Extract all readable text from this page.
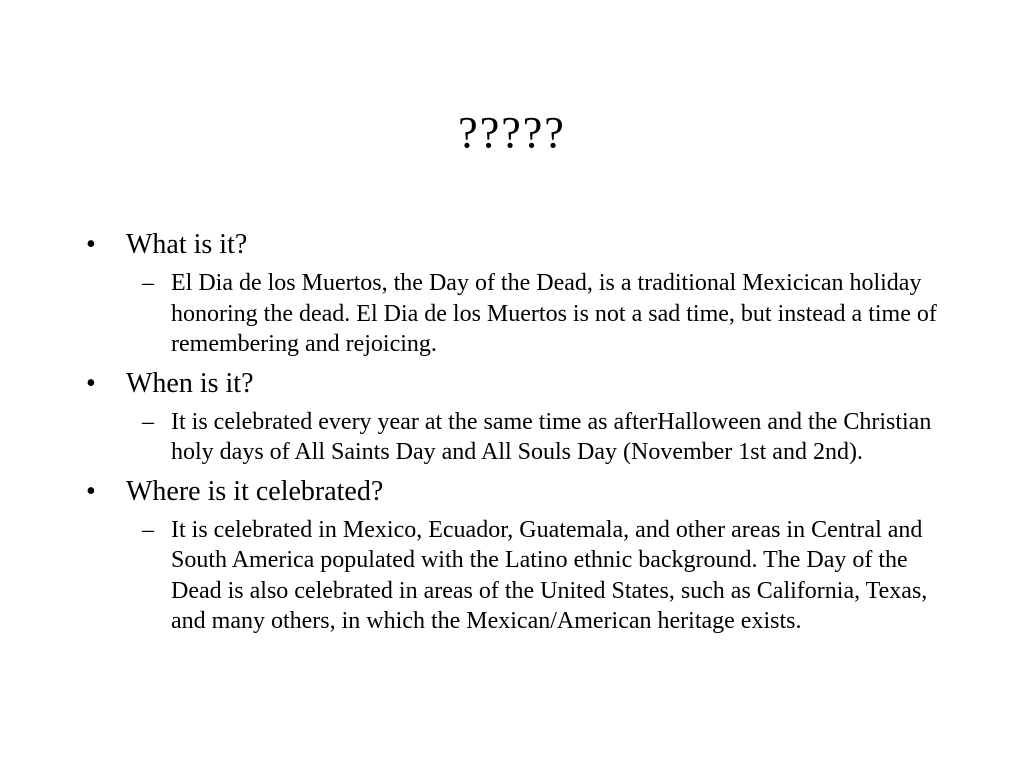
?????
• What is it?
– El Dia de los Muertos, the Day of the Dead, is a traditional Mexicican holiday honoring the dead. El Dia de los Muertos is not a sad time, but instead a time of remembering and rejoicing.
• When is it?
– It is celebrated every year at the same time as afterHalloween and the Christian holy days of All Saints Day and All Souls Day (November 1st and 2nd).
• Where is it celebrated?
– It is celebrated in Mexico, Ecuador, Guatemala, and other areas in Central and South America populated with the Latino ethnic background. The Day of the Dead is also celebrated in areas of the United States, such as California, Texas, and many others, in which the Mexican/American heritage exists.
